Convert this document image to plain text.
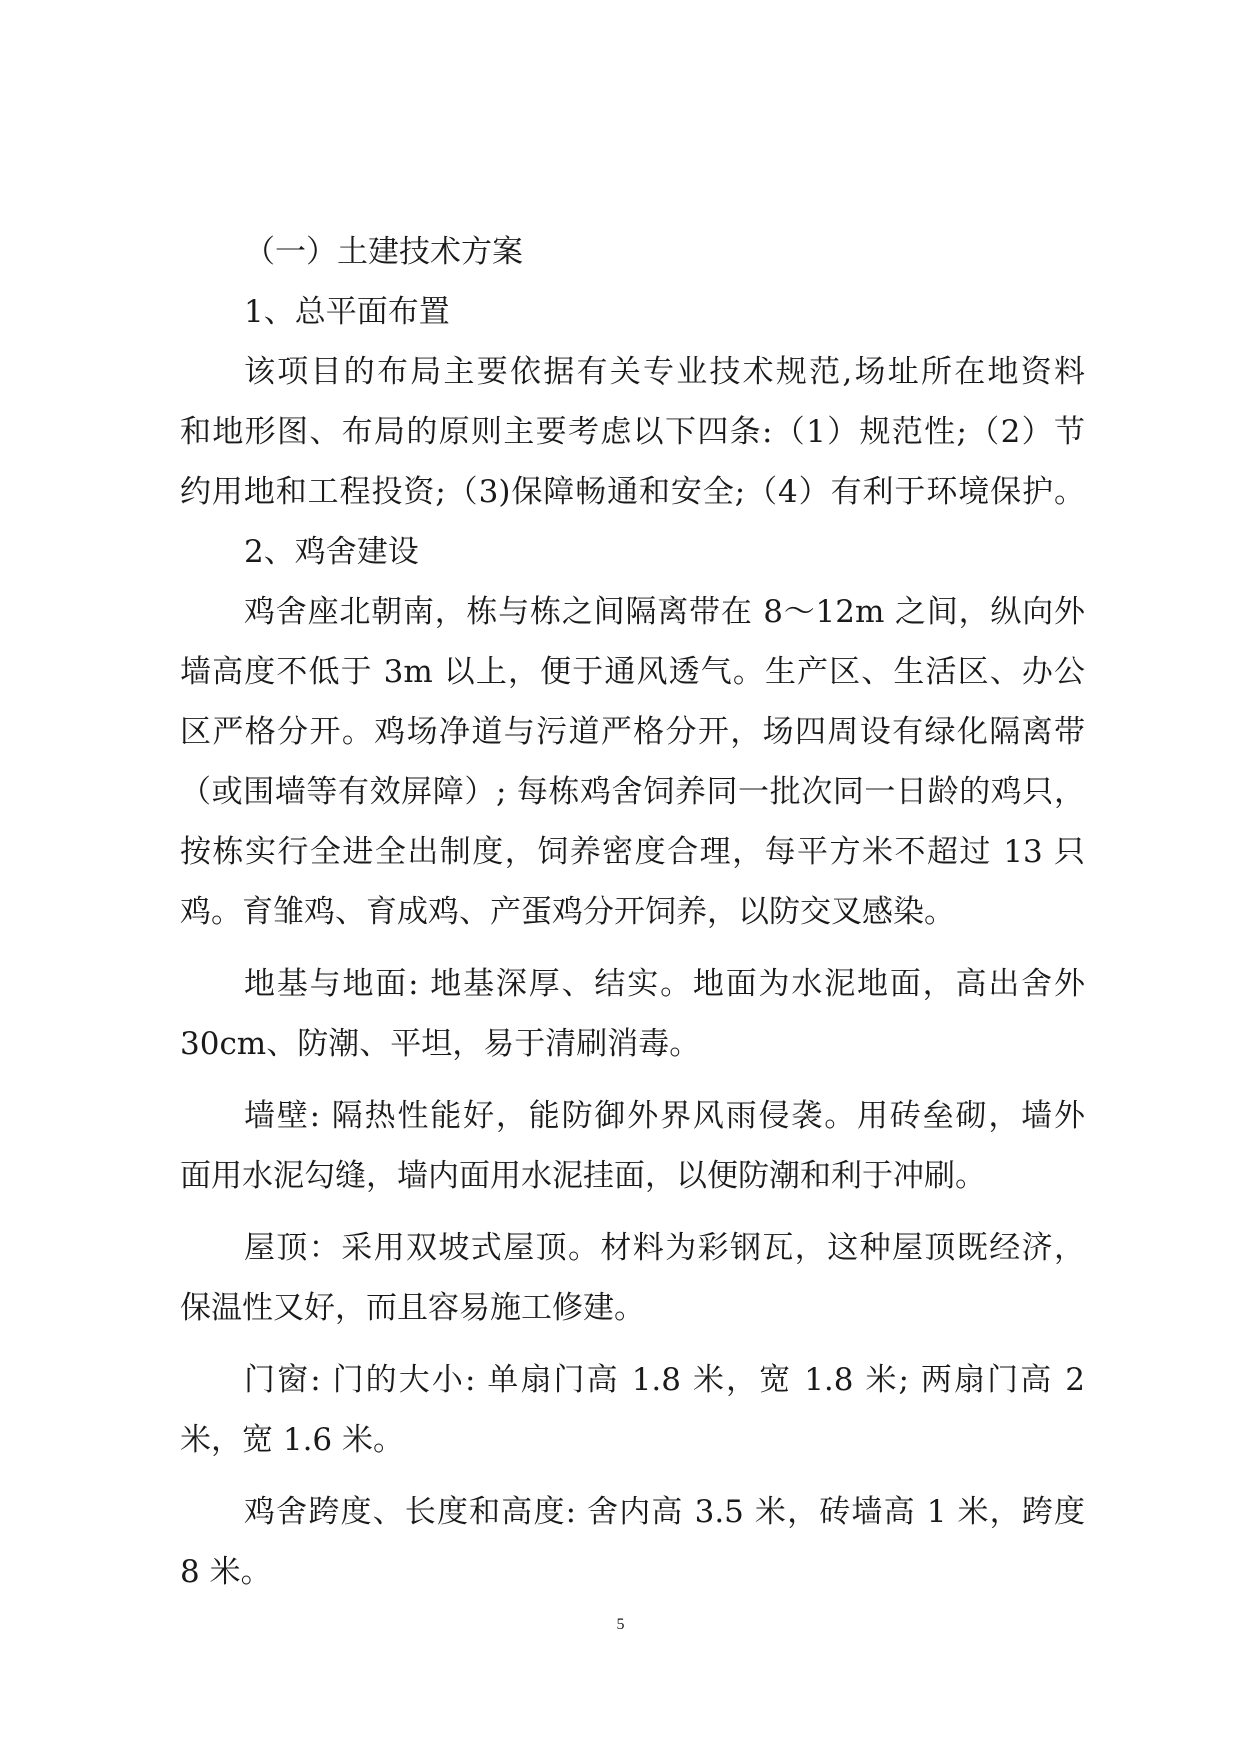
（一）土建技术方案
1、总平面布置
该项目的布局主要依据有关专业技术规范,场址所在地资料
和地形图、布局的原则主要考虑以下四条:（1）规范性;（2）节
约用地和工程投资;（3)保障畅通和安全;（4）有利于环境保护。
2、鸡舍建设
鸡舍座北朝南，栋与栋之间隔离带在 8～12m 之间，纵向外
墙高度不低于 3m 以上，便于通风透气。生产区、生活区、办公
区严格分开。鸡场净道与污道严格分开，场四周设有绿化隔离带
（或围墙等有效屏障）; 每栋鸡舍饲养同一批次同一日龄的鸡只，
按栋实行全进全出制度，饲养密度合理，每平方米不超过 13 只
鸡。育雏鸡、育成鸡、产蛋鸡分开饲养，以防交叉感染。
地基与地面: 地基深厚、结实。地面为水泥地面，高出舍外
30cm、防潮、平坦，易于清刷消毒。
墙壁: 隔热性能好，能防御外界风雨侵袭。用砖垒砌，墙外
面用水泥勾缝，墙内面用水泥挂面，以便防潮和利于冲刷。
屋顶：采用双坡式屋顶。材料为彩钢瓦，这种屋顶既经济，
保温性又好，而且容易施工修建。
门窗: 门的大小: 单扇门高 1.8 米，宽 1.8 米; 两扇门高 2
米，宽 1.6 米。
鸡舍跨度、长度和高度: 舍内高 3.5 米，砖墙高 1 米，跨度
8 米。
5
